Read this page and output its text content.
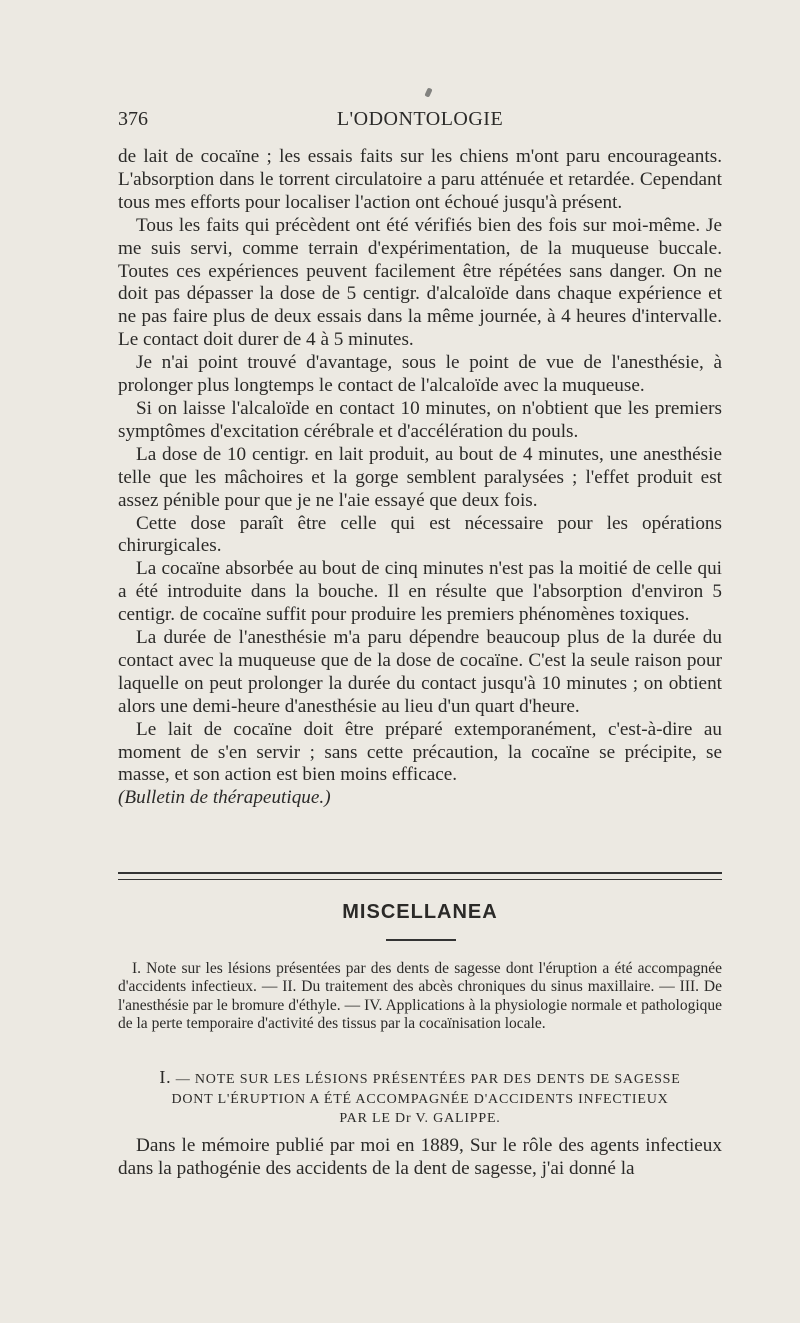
376	L'ODONTOLOGIE

de lait de cocaïne ; les essais faits sur les chiens m'ont paru encourageants. L'absorption dans le torrent circulatoire a paru atténuée et retardée. Cependant tous mes efforts pour localiser l'action ont échoué jusqu'à présent.

Tous les faits qui précèdent ont été vérifiés bien des fois sur moi-même. Je me suis servi, comme terrain d'expérimentation, de la muqueuse buccale. Toutes ces expériences peuvent facilement être répétées sans danger. On ne doit pas dépasser la dose de 5 centigr. d'alcaloïde dans chaque expérience et ne pas faire plus de deux essais dans la même journée, à 4 heures d'intervalle. Le contact doit durer de 4 à 5 minutes.

Je n'ai point trouvé d'avantage, sous le point de vue de l'anesthésie, à prolonger plus longtemps le contact de l'alcaloïde avec la muqueuse.

Si on laisse l'alcaloïde en contact 10 minutes, on n'obtient que les premiers symptômes d'excitation cérébrale et d'accélération du pouls.

La dose de 10 centigr. en lait produit, au bout de 4 minutes, une anesthésie telle que les mâchoires et la gorge semblent paralysées ; l'effet produit est assez pénible pour que je ne l'aie essayé que deux fois.

Cette dose paraît être celle qui est nécessaire pour les opérations chirurgicales.

La cocaïne absorbée au bout de cinq minutes n'est pas la moitié de celle qui a été introduite dans la bouche. Il en résulte que l'absorption d'environ 5 centigr. de cocaïne suffit pour produire les premiers phénomènes toxiques.

La durée de l'anesthésie m'a paru dépendre beaucoup plus de la durée du contact avec la muqueuse que de la dose de cocaïne. C'est la seule raison pour laquelle on peut prolonger la durée du contact jusqu'à 10 minutes ; on obtient alors une demi-heure d'anesthésie au lieu d'un quart d'heure.

Le lait de cocaïne doit être préparé extemporanément, c'est-à-dire au moment de s'en servir ; sans cette précaution, la cocaïne se précipite, se masse, et son action est bien moins efficace.

(Bulletin de thérapeutique.)

MISCELLANEA

I. Note sur les lésions présentées par des dents de sagesse dont l'éruption a été accompagnée d'accidents infectieux. — II. Du traitement des abcès chroniques du sinus maxillaire. — III. De l'anesthésie par le bromure d'éthyle. — IV. Applications à la physiologie normale et pathologique de la perte temporaire d'activité des tissus par la cocaïnisation locale.

I. — NOTE SUR LES LÉSIONS PRÉSENTÉES PAR DES DENTS DE SAGESSE
DONT L'ÉRUPTION A ÉTÉ ACCOMPAGNÉE D'ACCIDENTS INFECTIEUX
PAR LE Dr V. GALIPPE.

Dans le mémoire publié par moi en 1889, Sur le rôle des agents infectieux dans la pathogénie des accidents de la dent de sagesse, j'ai donné la
